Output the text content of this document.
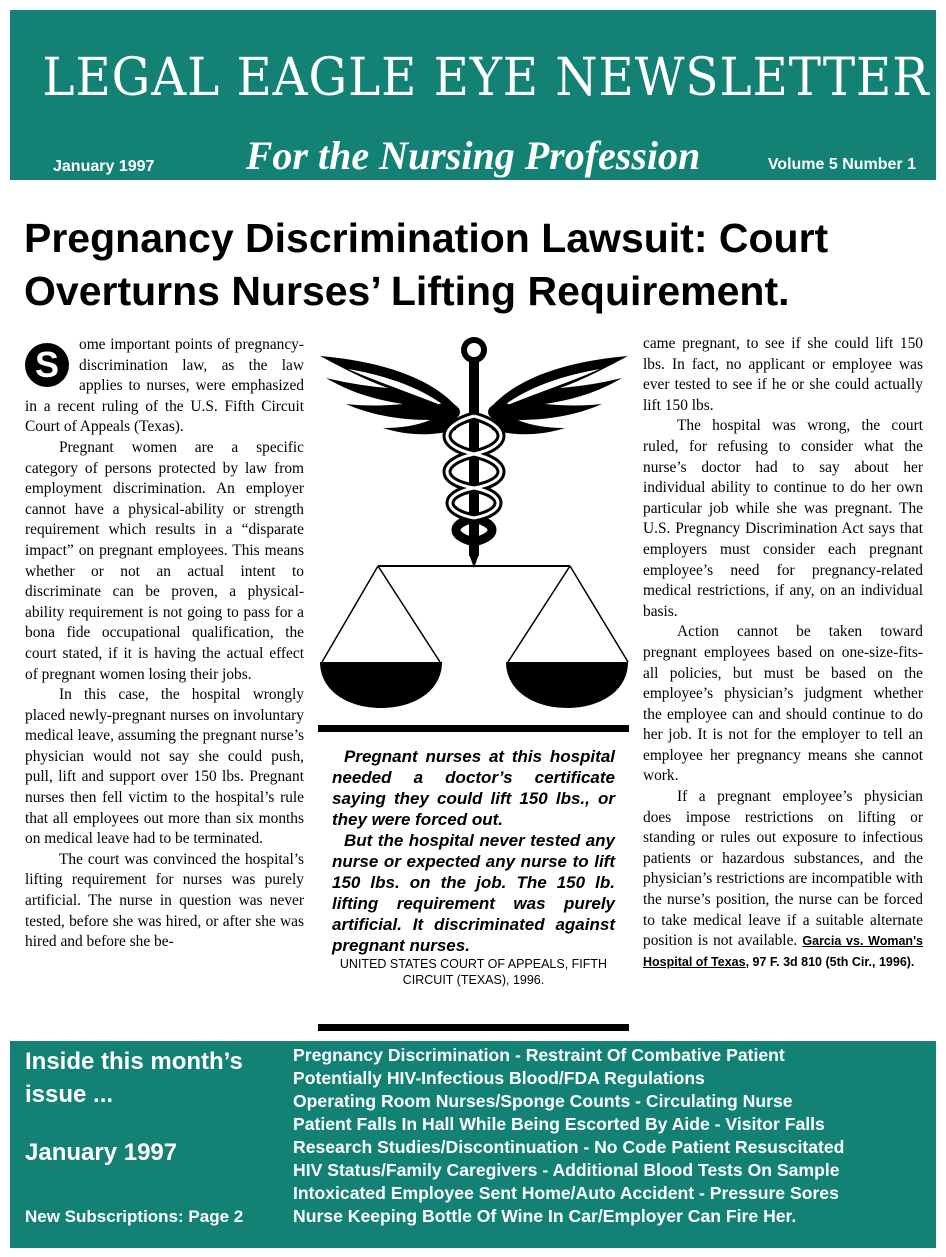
LEGAL EAGLE EYE NEWSLETTER
For the Nursing Profession
January 1997	Volume 5 Number 1
Pregnancy Discrimination Lawsuit: Court Overturns Nurses’ Lifting Requirement.

S	ome important points of pregnancy-discrimination law, as the law applies to nurses, were emphasized in a recent ruling of the U.S. Fifth Circuit Court of Appeals (Texas).

Pregnant women are a specific category of persons protected by law from employment discrimination. An employer cannot have a physical-ability or strength requirement which results in a “disparate impact” on pregnant employees. This means whether or not an actual intent to discriminate can be proven, a physical-ability requirement is not going to pass for a bona fide occupational qualification, the court stated, if it is having the actual effect of pregnant women losing their jobs.

In this case, the hospital wrongly placed newly-pregnant nurses on involuntary medical leave, assuming the pregnant nurse’s physician would not say she could push, pull, lift and support over 150 lbs. Pregnant nurses then fell victim to the hospital’s rule that all employees out more than six months on medical leave had to be terminated.

The court was convinced the hospital’s lifting requirement for nurses was purely artificial. The nurse in question was never tested, before she was hired, or after she was hired and before she be-

Pregnant nurses at this hospital needed a doctor’s certificate saying they could lift 150 lbs., or they were forced out.

But the hospital never tested any nurse or expected any nurse to lift 150 lbs. on the job. The 150 lb. lifting requirement was purely artificial. It discriminated against pregnant nurses.

UNITED STATES COURT OF APPEALS, FIFTH CIRCUIT (TEXAS), 1996.

came pregnant, to see if she could lift 150 lbs. In fact, no applicant or employee was ever tested to see if he or she could actually lift 150 lbs.

The hospital was wrong, the court ruled, for refusing to consider what the nurse’s doctor had to say about her individual ability to continue to do her own particular job while she was pregnant. The U.S. Pregnancy Discrimination Act says that employers must consider each pregnant employee’s need for pregnancy-related medical restrictions, if any, on an individual basis.

Action cannot be taken toward pregnant employees based on one-size-fits-all policies, but must be based on the employee’s physician’s judgment whether the employee can and should continue to do her job. It is not for the employer to tell an employee her pregnancy means she cannot work.

If a pregnant employee’s physician does impose restrictions on lifting or standing or rules out exposure to infectious patients or hazardous substances, and the physician’s restrictions are incompatible with the nurse’s position, the nurse can be forced to take medical leave if a suitable alternate position is not available. Garcia vs. Woman's Hospital of Texas, 97 F. 3d 810 (5th Cir., 1996).

Inside this month’s issue ...
January 1997
New Subscriptions: Page 2
Pregnancy Discrimination - Restraint Of Combative Patient
Potentially HIV-Infectious Blood/FDA Regulations
Operating Room Nurses/Sponge Counts - Circulating Nurse
Patient Falls In Hall While Being Escorted By Aide - Visitor Falls
Research Studies/Discontinuation - No Code Patient Resuscitated
HIV Status/Family Caregivers - Additional Blood Tests On Sample
Intoxicated Employee Sent Home/Auto Accident - Pressure Sores
Nurse Keeping Bottle Of Wine In Car/Employer Can Fire Her.
